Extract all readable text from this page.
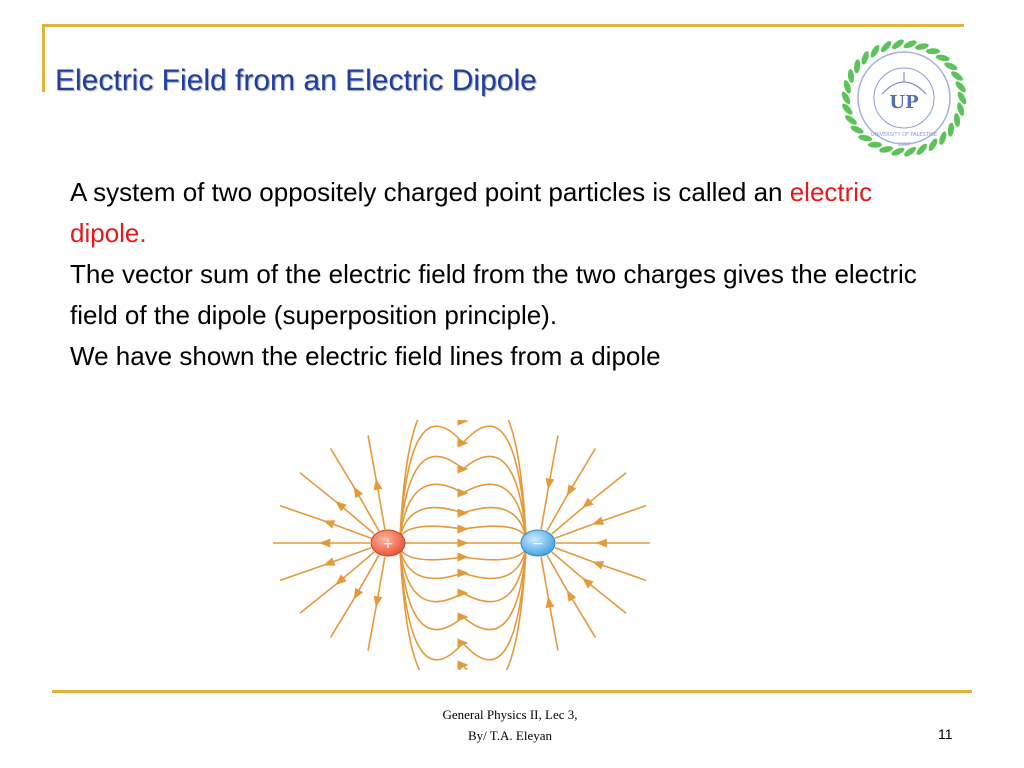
Electric Field from an Electric Dipole
UP
UNIVERSITY OF PALESTINE
1997

A system of two oppositely charged point particles is called an electric dipole.

The vector sum of the electric field from the two charges gives the electric field of the dipole (superposition principle).

We have shown the electric field lines from a dipole

+	−
General Physics II, Lec 3,
By/ T.A. Eleyan	11
